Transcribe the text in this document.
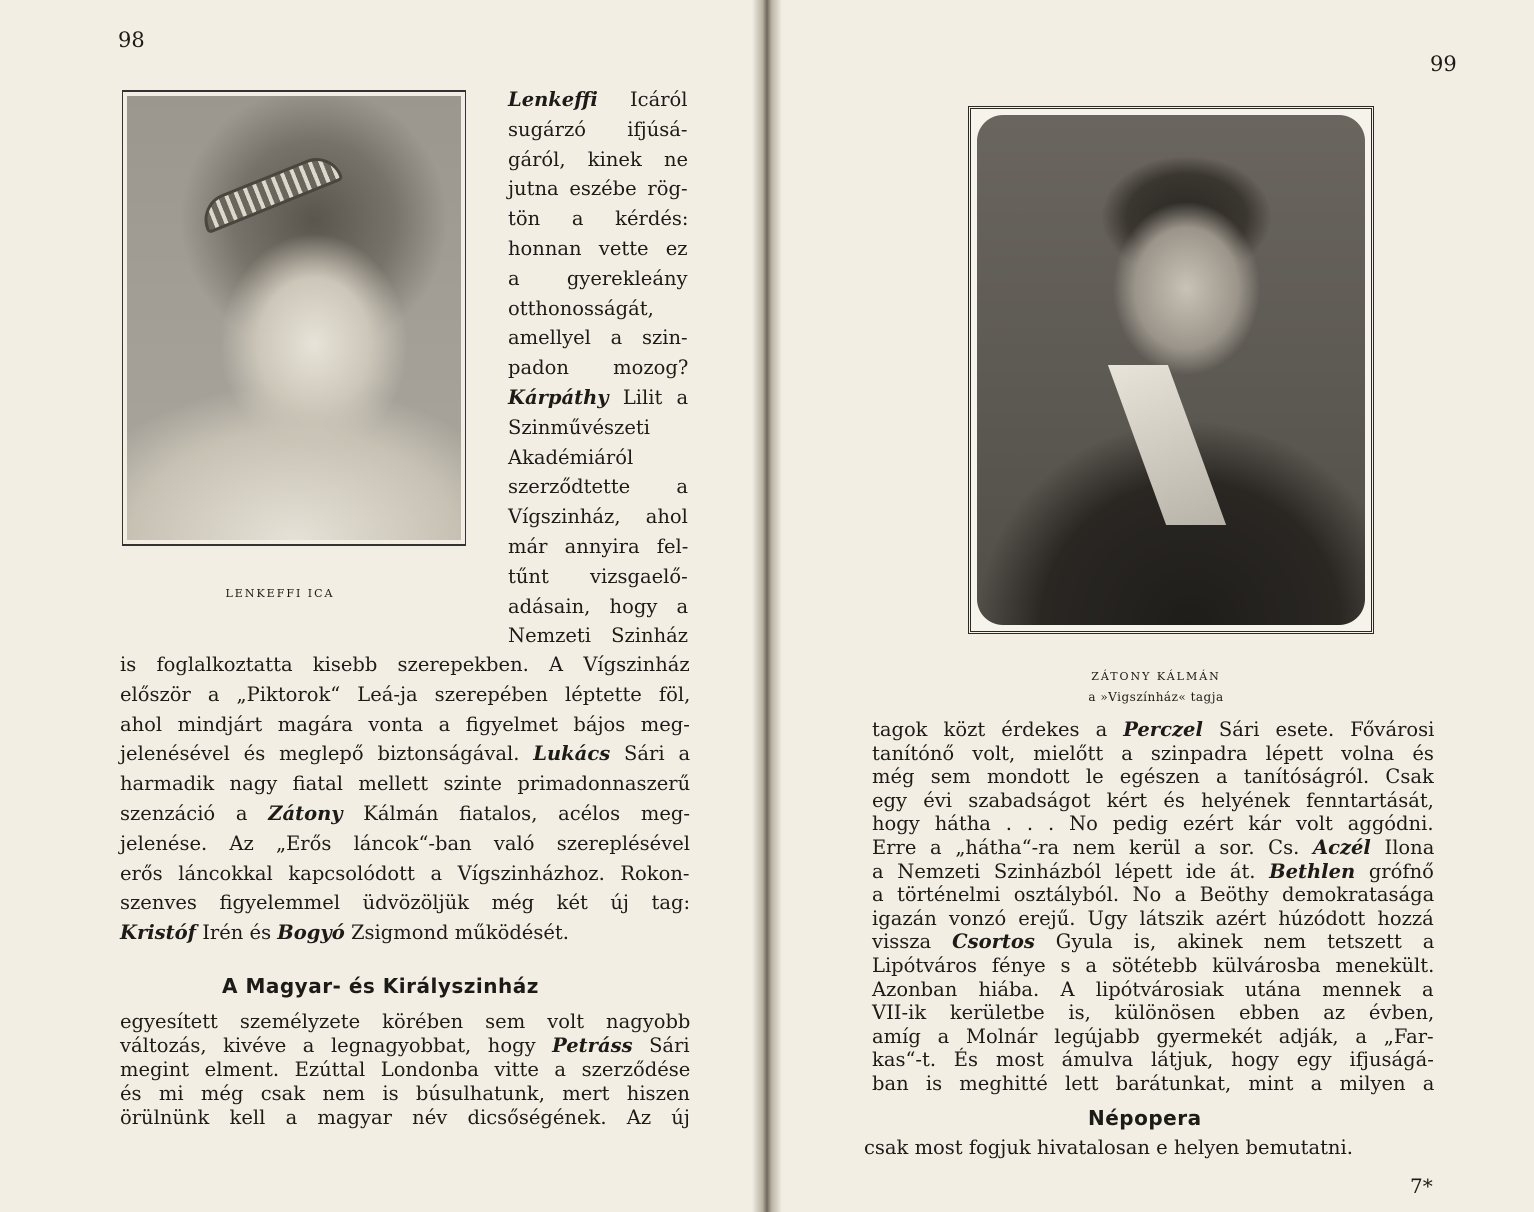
98
LENKEFFI ICA
Lenkeffi Icáról
sugárzó ifjúsá-
gáról, kinek ne
jutna eszébe rög-
tön a kérdés:
honnan vette ez
a gyerekleány
otthonosságát,
amellyel a szin-
padon mozog?
Kárpáthy Lilit a
Szinművészeti
Akadémiáról
szerződtette a
Vígszinház, ahol
már annyira fel-
tűnt vizsgaelő-
adásain, hogy a
Nemzeti Szinház
is foglalkoztatta kisebb szerepekben. A Vígszinház
először a „Piktorok“ Leá-ja szerepében léptette föl,
ahol mindjárt magára vonta a figyelmet bájos meg-
jelenésével és meglepő biztonságával. Lukács Sári a
harmadik nagy fiatal mellett szinte primadonnaszerű
szenzáció a Zátony Kálmán fiatalos, acélos meg-
jelenése. Az „Erős láncok“-ban való szereplésével
erős láncokkal kapcsolódott a Vígszinházhoz. Rokon-
szenves figyelemmel üdvözöljük még két új tag:
Kristóf Irén és Bogyó Zsigmond működését.
A Magyar- és Királyszinház
egyesített személyzete körében sem volt nagyobb
változás, kivéve a legnagyobbat, hogy Petráss Sári
megint elment. Ezúttal Londonba vitte a szerződése
és mi még csak nem is búsulhatunk, mert hiszen
örülnünk kell a magyar név dicsőségének. Az új
99
ZÁTONY KÁLMÁN
a »Vigszínház« tagja
tagok közt érdekes a Perczel Sári esete. Fővárosi
tanítónő volt, mielőtt a szinpadra lépett volna és
még sem mondott le egészen a tanítóságról. Csak
egy évi szabadságot kért és helyének fenntartását,
hogy hátha . . . No pedig ezért kár volt aggódni.
Erre a „hátha“-ra nem kerül a sor. Cs. Aczél Ilona
a Nemzeti Szinházból lépett ide át. Bethlen grófnő
a történelmi osztályból. No a Beöthy demokratasága
igazán vonzó erejű. Ugy látszik azért húzódott hozzá
vissza Csortos Gyula is, akinek nem tetszett a
Lipótváros fénye s a sötétebb külvárosba menekült.
Azonban hiába. A lipótvárosiak utána mennek a
VII-ik kerületbe is, különösen ebben az évben,
amíg a Molnár legújabb gyermekét adják, a „Far-
kas“-t. És most ámulva látjuk, hogy egy ifjuságá-
ban is meghitté lett barátunkat, mint a milyen a
Népopera
csak most fogjuk hivatalosan e helyen bemutatni.
7*
